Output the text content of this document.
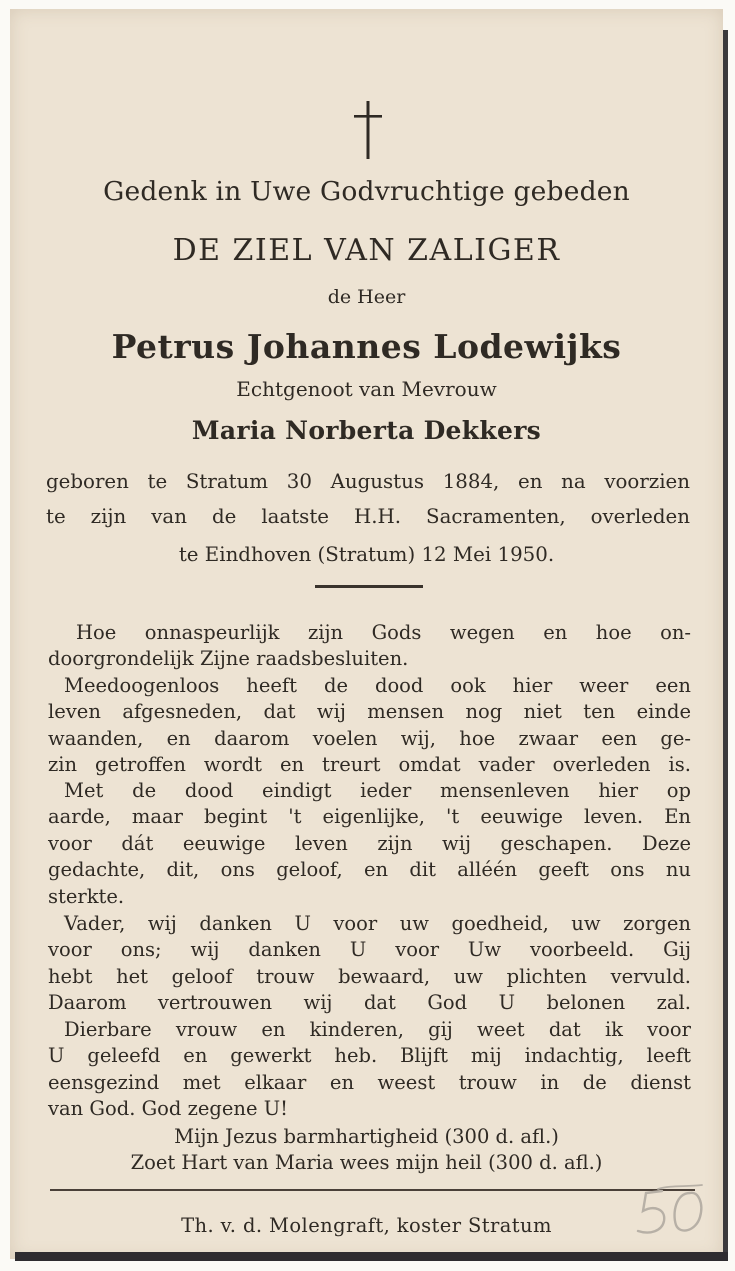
Gedenk in Uwe Godvruchtige gebeden
DE ZIEL VAN ZALIGER
de Heer
Petrus Johannes Lodewijks
Echtgenoot van Mevrouw
Maria Norberta Dekkers
geboren te Stratum 30 Augustus 1884, en na voorzien
te zijn van de laatste H.H. Sacramenten, overleden
te Eindhoven (Stratum) 12 Mei 1950.
Hoe onnaspeurlijk zijn Gods wegen en hoe on-
doorgrondelijk Zijne raadsbesluiten.
Meedoogenloos heeft de dood ook hier weer een
leven afgesneden, dat wij mensen nog niet ten einde
waanden, en daarom voelen wij, hoe zwaar een ge-
zin getroffen wordt en treurt omdat vader overleden is.
Met de dood eindigt ieder mensenleven hier op
aarde, maar begint 't eigenlijke, 't eeuwige leven. En
voor dát eeuwige leven zijn wij geschapen. Deze
gedachte, dit, ons geloof, en dit alléén geeft ons nu
sterkte.
Vader, wij danken U voor uw goedheid, uw zorgen
voor ons; wij danken U voor Uw voorbeeld. Gij
hebt het geloof trouw bewaard, uw plichten vervuld.
Daarom vertrouwen wij dat God U belonen zal.
Dierbare vrouw en kinderen, gij weet dat ik voor
U geleefd en gewerkt heb. Blijft mij indachtig, leeft
eensgezind met elkaar en weest trouw in de dienst
van God. God zegene U!
Mijn Jezus barmhartigheid (300 d. afl.)
Zoet Hart van Maria wees mijn heil (300 d. afl.)
Th. v. d. Molengraft, koster Stratum
